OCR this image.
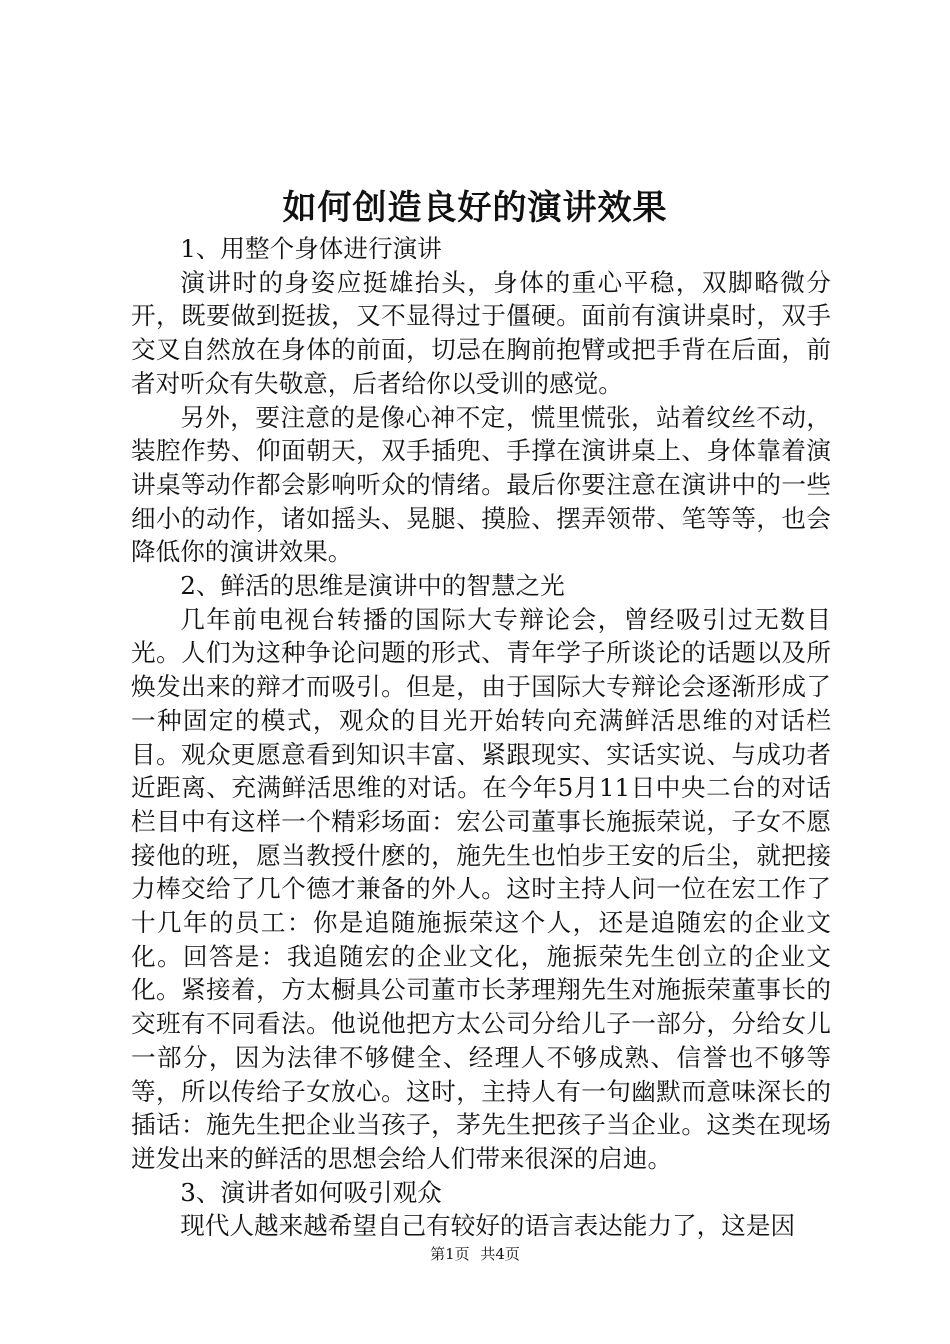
如何创造良好的演讲效果

1、用整个身体进行演讲

演讲时的身姿应挺雄抬头，身体的重心平稳，双脚略微分开，既要做到挺拔，又不显得过于僵硬。面前有演讲桌时，双手交叉自然放在身体的前面，切忌在胸前抱臂或把手背在后面，前者对听众有失敬意，后者给你以受训的感觉。

另外，要注意的是像心神不定，慌里慌张，站着纹丝不动，装腔作势、仰面朝天，双手插兜、手撑在演讲桌上、身体靠着演讲桌等动作都会影响听众的情绪。最后你要注意在演讲中的一些细小的动作，诸如摇头、晃腿、摸脸、摆弄领带、笔等等，也会降低你的演讲效果。

2、鲜活的思维是演讲中的智慧之光

几年前电视台转播的国际大专辩论会，曾经吸引过无数目光。人们为这种争论问题的形式、青年学子所谈论的话题以及所焕发出来的辩才而吸引。但是，由于国际大专辩论会逐渐形成了一种固定的模式，观众的目光开始转向充满鲜活思维的对话栏目。观众更愿意看到知识丰富、紧跟现实、实话实说、与成功者近距离、充满鲜活思维的对话。在今年5月11日中央二台的对话栏目中有这样一个精彩场面：宏公司董事长施振荣说，子女不愿接他的班，愿当教授什麽的，施先生也怕步王安的后尘，就把接力棒交给了几个德才兼备的外人。这时主持人问一位在宏工作了十几年的员工：你是追随施振荣这个人，还是追随宏的企业文化。回答是：我追随宏的企业文化，施振荣先生创立的企业文化。紧接着，方太橱具公司董市长茅理翔先生对施振荣董事长的交班有不同看法。他说他把方太公司分给儿子一部分，分给女儿一部分，因为法律不够健全、经理人不够成熟、信誉也不够等等，所以传给子女放心。这时，主持人有一句幽默而意味深长的插话：施先生把企业当孩子，茅先生把孩子当企业。这类在现场迸发出来的鲜活的思想会给人们带来很深的启迪。

3、演讲者如何吸引观众

现代人越来越希望自己有较好的语言表达能力了，这是因

第1页 共4页
